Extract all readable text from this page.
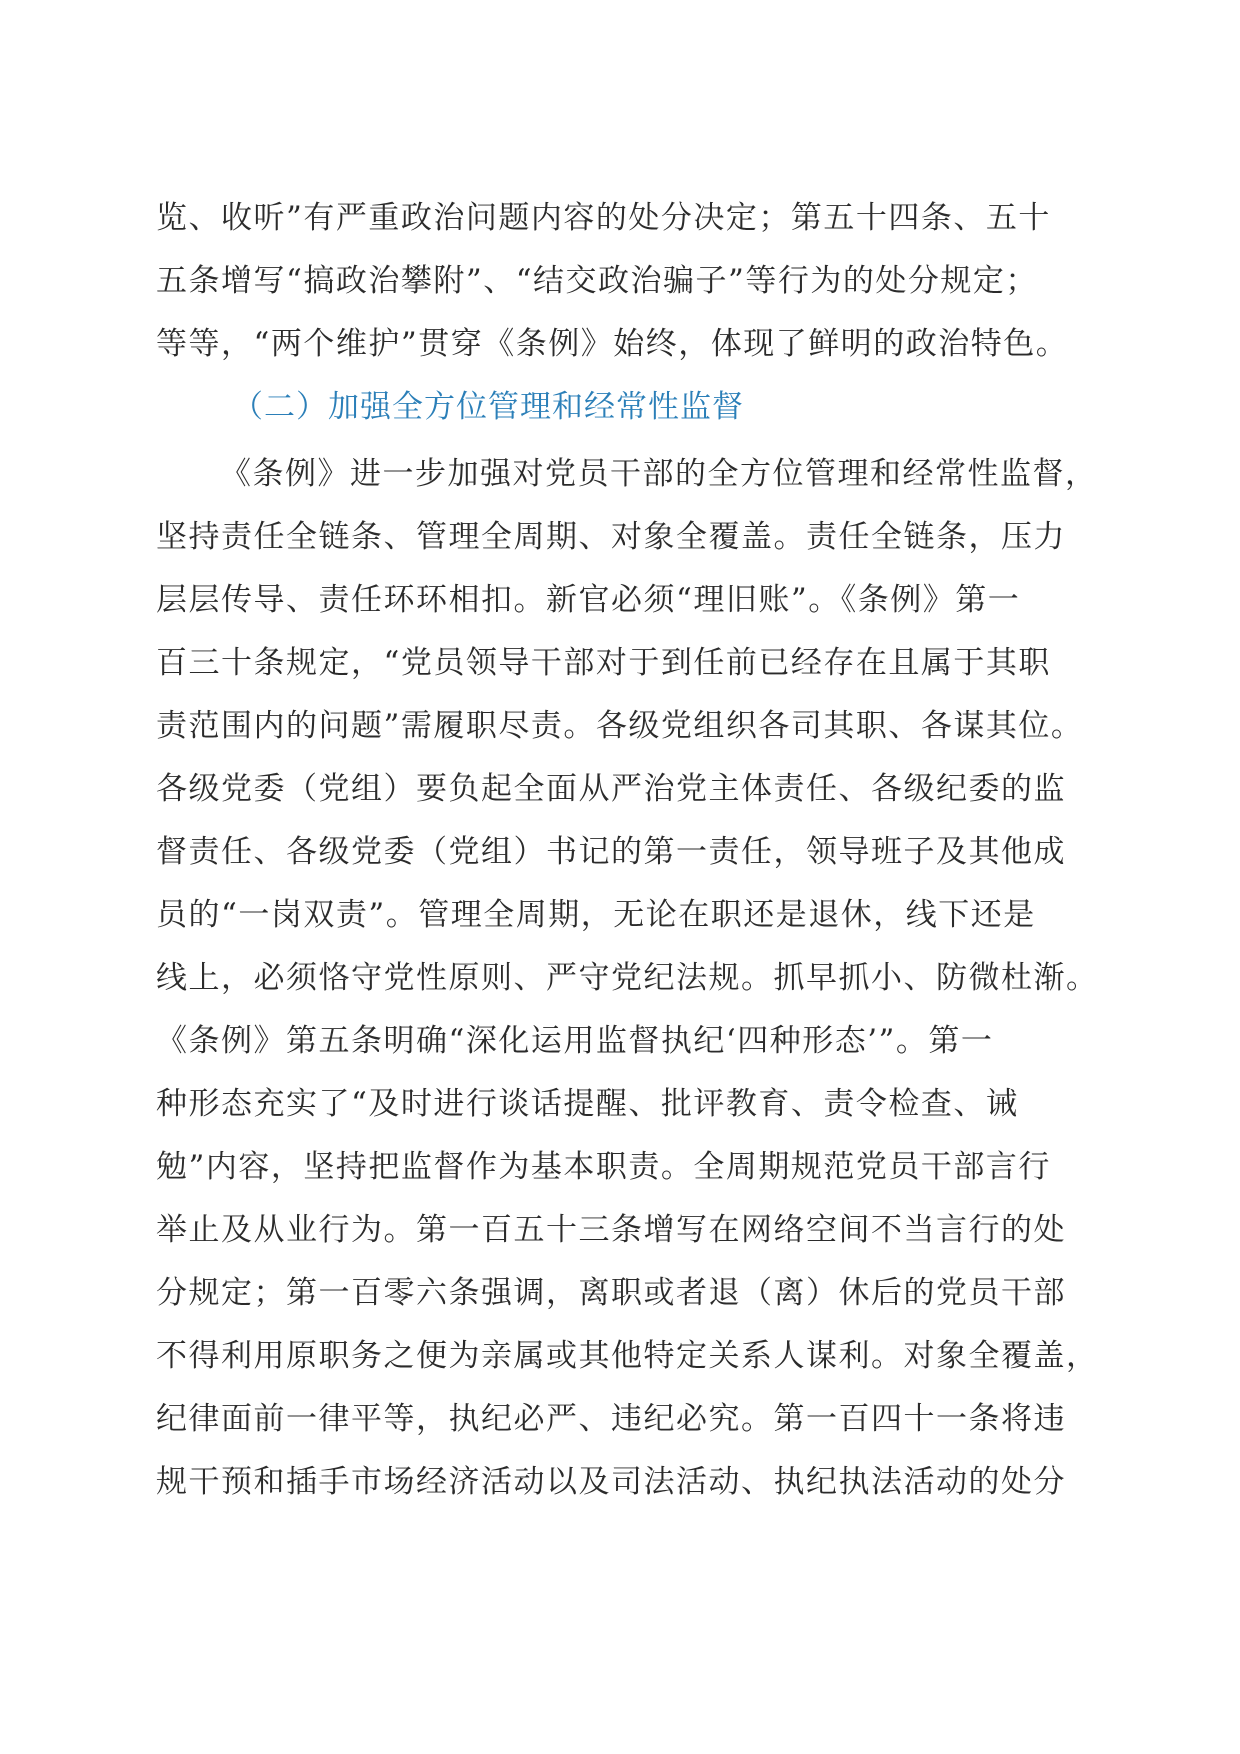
览、收听”有严重政治问题内容的处分决定；第五十四条、五十
五条增写“搞政治攀附”、“结交政治骗子”等行为的处分规定；
等等，“两个维护”贯穿《条例》始终，体现了鲜明的政治特色。
（二）加强全方位管理和经常性监督
《条例》进一步加强对党员干部的全方位管理和经常性监督，
坚持责任全链条、管理全周期、对象全覆盖。责任全链条，压力
层层传导、责任环环相扣。新官必须“理旧账”。《条例》第一
百三十条规定，“党员领导干部对于到任前已经存在且属于其职
责范围内的问题”需履职尽责。各级党组织各司其职、各谋其位。
各级党委（党组）要负起全面从严治党主体责任、各级纪委的监
督责任、各级党委（党组）书记的第一责任，领导班子及其他成
员的“一岗双责”。管理全周期，无论在职还是退休，线下还是
线上，必须恪守党性原则、严守党纪法规。抓早抓小、防微杜渐。
《条例》第五条明确“深化运用监督执纪‘四种形态’”。第一
种形态充实了“及时进行谈话提醒、批评教育、责令检查、诫
勉”内容，坚持把监督作为基本职责。全周期规范党员干部言行
举止及从业行为。第一百五十三条增写在网络空间不当言行的处
分规定；第一百零六条强调，离职或者退（离）休后的党员干部
不得利用原职务之便为亲属或其他特定关系人谋利。对象全覆盖，
纪律面前一律平等，执纪必严、违纪必究。第一百四十一条将违
规干预和插手市场经济活动以及司法活动、执纪执法活动的处分
